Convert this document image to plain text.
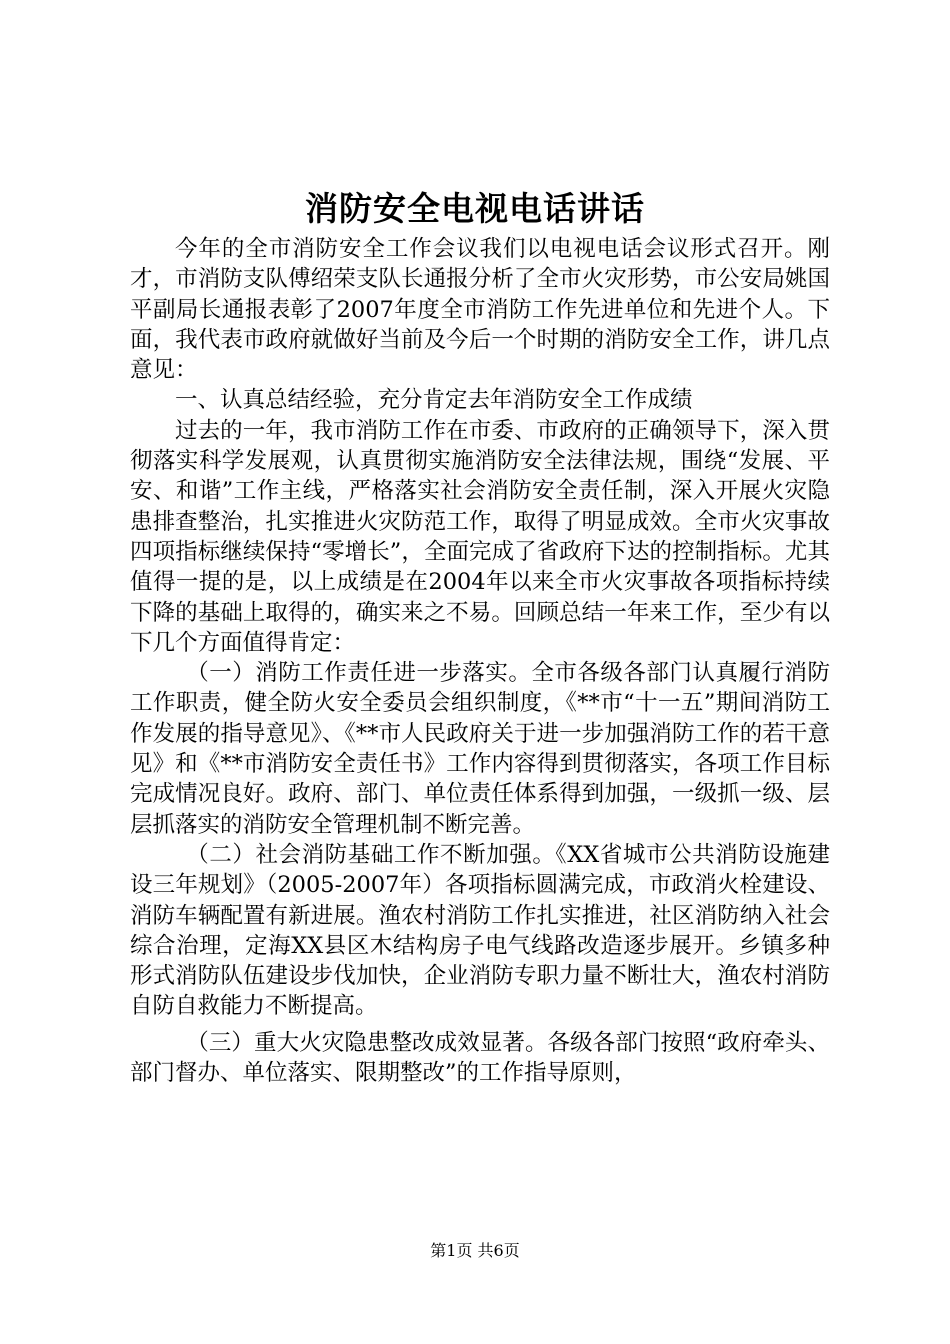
消防安全电视电话讲话

今年的全市消防安全工作会议我们以电视电话会议形式召开。刚才，市消防支队傅绍荣支队长通报分析了全市火灾形势，市公安局姚国平副局长通报表彰了2007年度全市消防工作先进单位和先进个人。下面，我代表市政府就做好当前及今后一个时期的消防安全工作，讲几点意见：

一、认真总结经验，充分肯定去年消防安全工作成绩

过去的一年，我市消防工作在市委、市政府的正确领导下，深入贯彻落实科学发展观，认真贯彻实施消防安全法律法规，围绕“发展、平安、和谐”工作主线，严格落实社会消防安全责任制，深入开展火灾隐患排查整治，扎实推进火灾防范工作，取得了明显成效。全市火灾事故四项指标继续保持“零增长”，全面完成了省政府下达的控制指标。尤其值得一提的是，以上成绩是在2004年以来全市火灾事故各项指标持续下降的基础上取得的，确实来之不易。回顾总结一年来工作，至少有以下几个方面值得肯定：

（一）消防工作责任进一步落实。全市各级各部门认真履行消防工作职责，健全防火安全委员会组织制度，《**市“十一五”期间消防工作发展的指导意见》、《**市人民政府关于进一步加强消防工作的若干意见》和《**市消防安全责任书》工作内容得到贯彻落实，各项工作目标完成情况良好。政府、部门、单位责任体系得到加强，一级抓一级、层层抓落实的消防安全管理机制不断完善。

（二）社会消防基础工作不断加强。《XX省城市公共消防设施建设三年规划》（2005-2007年）各项指标圆满完成，市政消火栓建设、消防车辆配置有新进展。渔农村消防工作扎实推进，社区消防纳入社会综合治理，定海XX县区木结构房子电气线路改造逐步展开。乡镇多种形式消防队伍建设步伐加快，企业消防专职力量不断壮大，渔农村消防自防自救能力不断提高。

（三）重大火灾隐患整改成效显著。各级各部门按照“政府牵头、部门督办、单位落实、限期整改”的工作指导原则，

第1页 共6页
